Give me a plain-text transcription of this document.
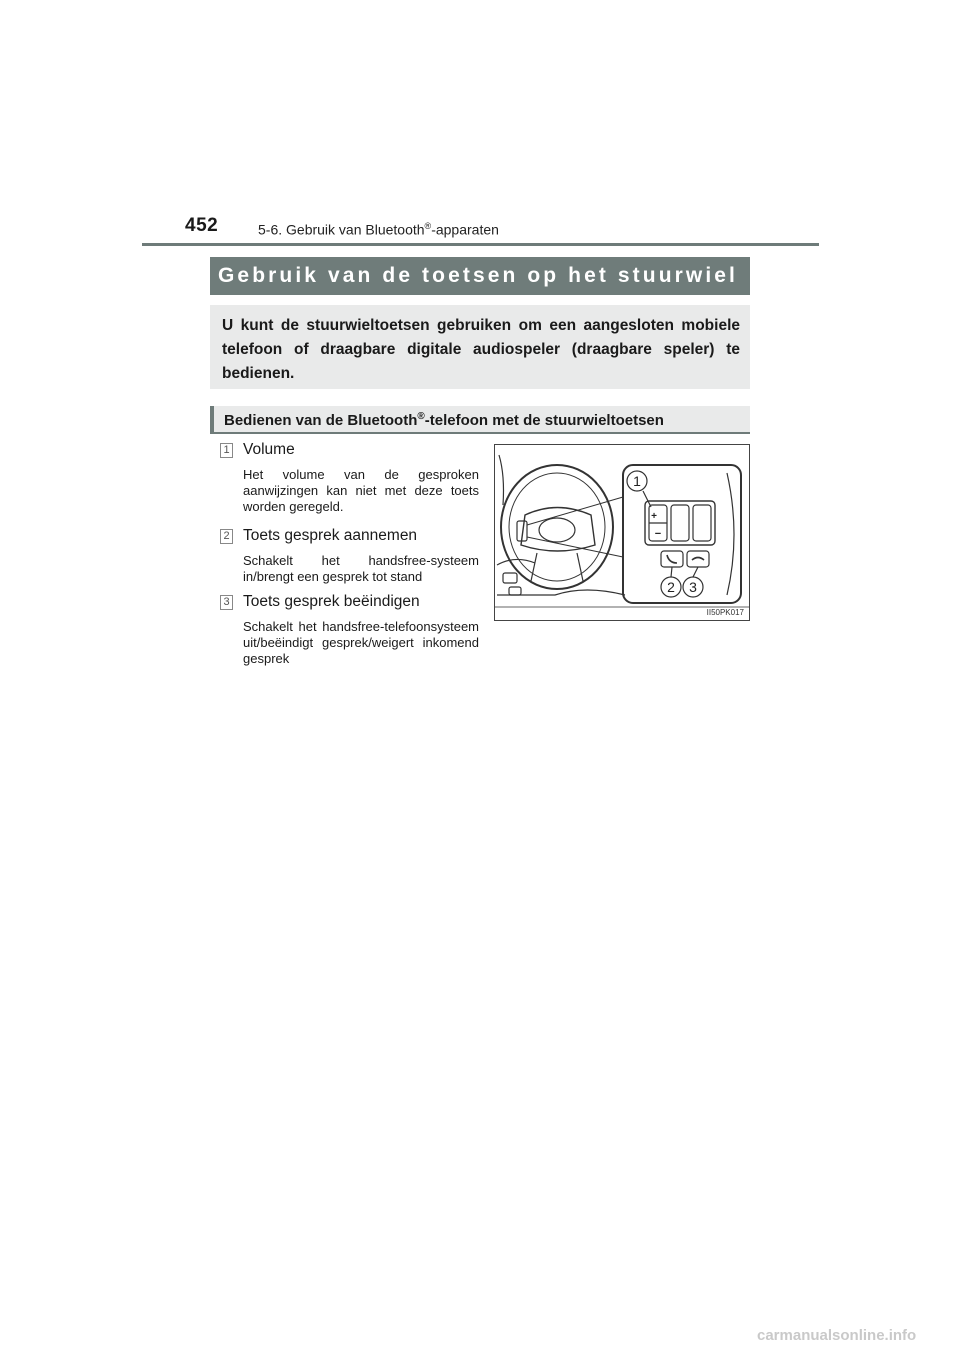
452	5-6. Gebruik van Bluetooth®-apparaten
Gebruik van de toetsen op het stuurwiel
U kunt de stuurwieltoetsen gebruiken om een aangesloten mobiele telefoon of draagbare digitale audiospeler (draagbare speler) te bedienen.
Bedienen van de Bluetooth®-telefoon met de stuurwieltoetsen
1 Volume
Het volume van de gesproken aanwijzingen kan niet met deze toets worden geregeld.
2 Toets gesprek aannemen
Schakelt het handsfree-systeem in/brengt een gesprek tot stand
3 Toets gesprek beëindigen
Schakelt het handsfree-telefoonsysteem uit/beëindigt gesprek/weigert inkomend gesprek
+
−
1
2 3
II50PK017
carmanualsonline.info
